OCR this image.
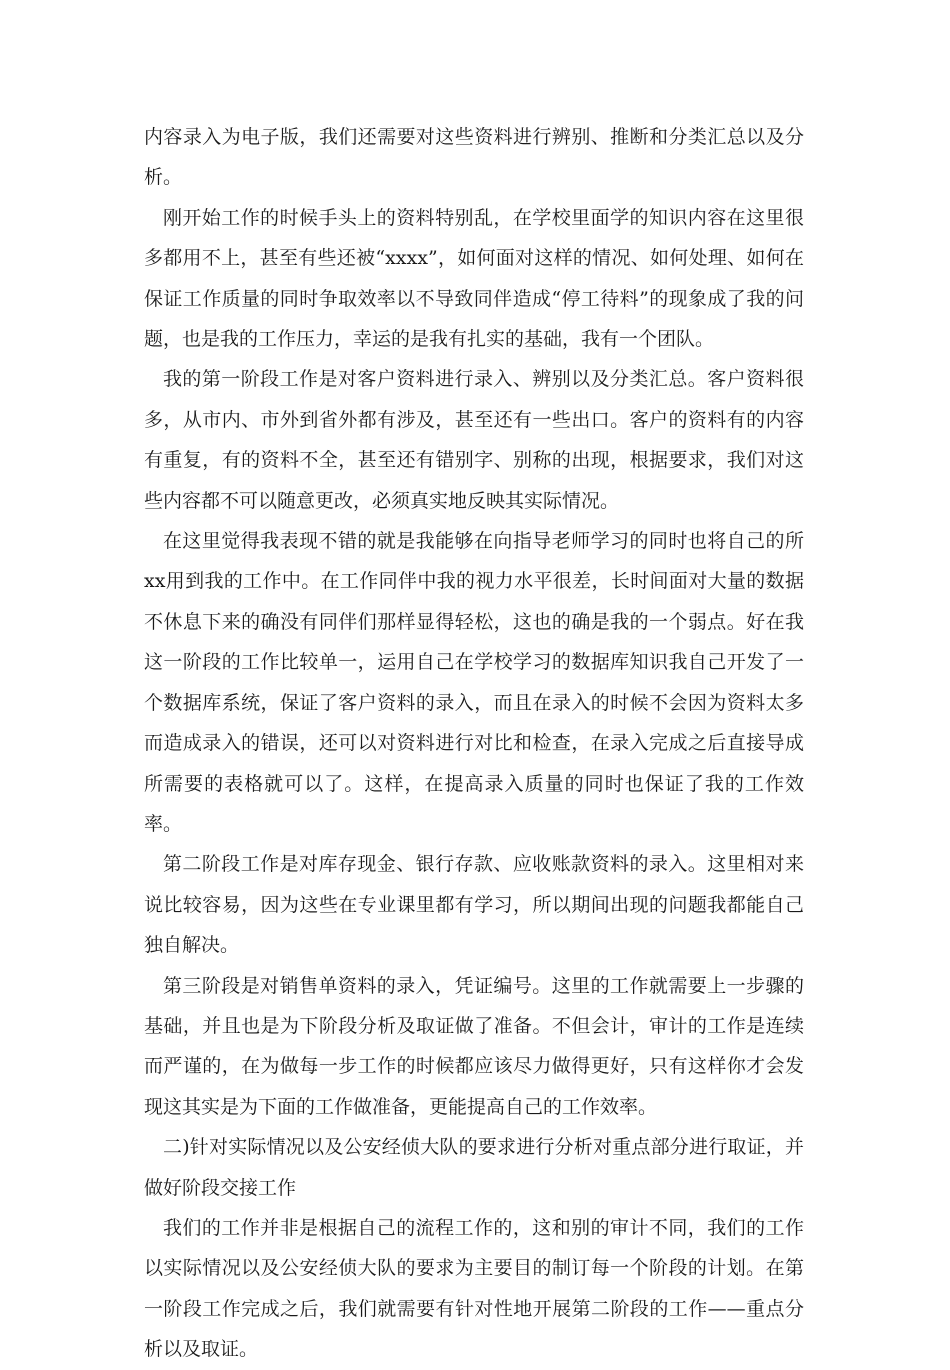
内容录入为电子版，我们还需要对这些资料进行辨别、推断和分类汇总以及分析。

刚开始工作的时候手头上的资料特别乱，在学校里面学的知识内容在这里很多都用不上，甚至有些还被“xxxx”，如何面对这样的情况、如何处理、如何在保证工作质量的同时争取效率以不导致同伴造成“停工待料”的现象成了我的问题，也是我的工作压力，幸运的是我有扎实的基础，我有一个团队。

我的第一阶段工作是对客户资料进行录入、辨别以及分类汇总。客户资料很多，从市内、市外到省外都有涉及，甚至还有一些出口。客户的资料有的内容有重复，有的资料不全，甚至还有错别字、别称的出现，根据要求，我们对这些内容都不可以随意更改，必须真实地反映其实际情况。

在这里觉得我表现不错的就是我能够在向指导老师学习的同时也将自己的所xx用到我的工作中。在工作同伴中我的视力水平很差，长时间面对大量的数据不休息下来的确没有同伴们那样显得轻松，这也的确是我的一个弱点。好在我这一阶段的工作比较单一，运用自己在学校学习的数据库知识我自己开发了一个数据库系统，保证了客户资料的录入，而且在录入的时候不会因为资料太多而造成录入的错误，还可以对资料进行对比和检查，在录入完成之后直接导成所需要的表格就可以了。这样，在提高录入质量的同时也保证了我的工作效率。

第二阶段工作是对库存现金、银行存款、应收账款资料的录入。这里相对来说比较容易，因为这些在专业课里都有学习，所以期间出现的问题我都能自己独自解决。

第三阶段是对销售单资料的录入，凭证编号。这里的工作就需要上一步骤的基础，并且也是为下阶段分析及取证做了准备。不但会计，审计的工作是连续而严谨的，在为做每一步工作的时候都应该尽力做得更好，只有这样你才会发现这其实是为下面的工作做准备，更能提高自己的工作效率。

二)针对实际情况以及公安经侦大队的要求进行分析对重点部分进行取证，并做好阶段交接工作

我们的工作并非是根据自己的流程工作的，这和别的审计不同，我们的工作以实际情况以及公安经侦大队的要求为主要目的制订每一个阶段的计划。在第一阶段工作完成之后，我们就需要有针对性地开展第二阶段的工作——重点分析以及取证。
